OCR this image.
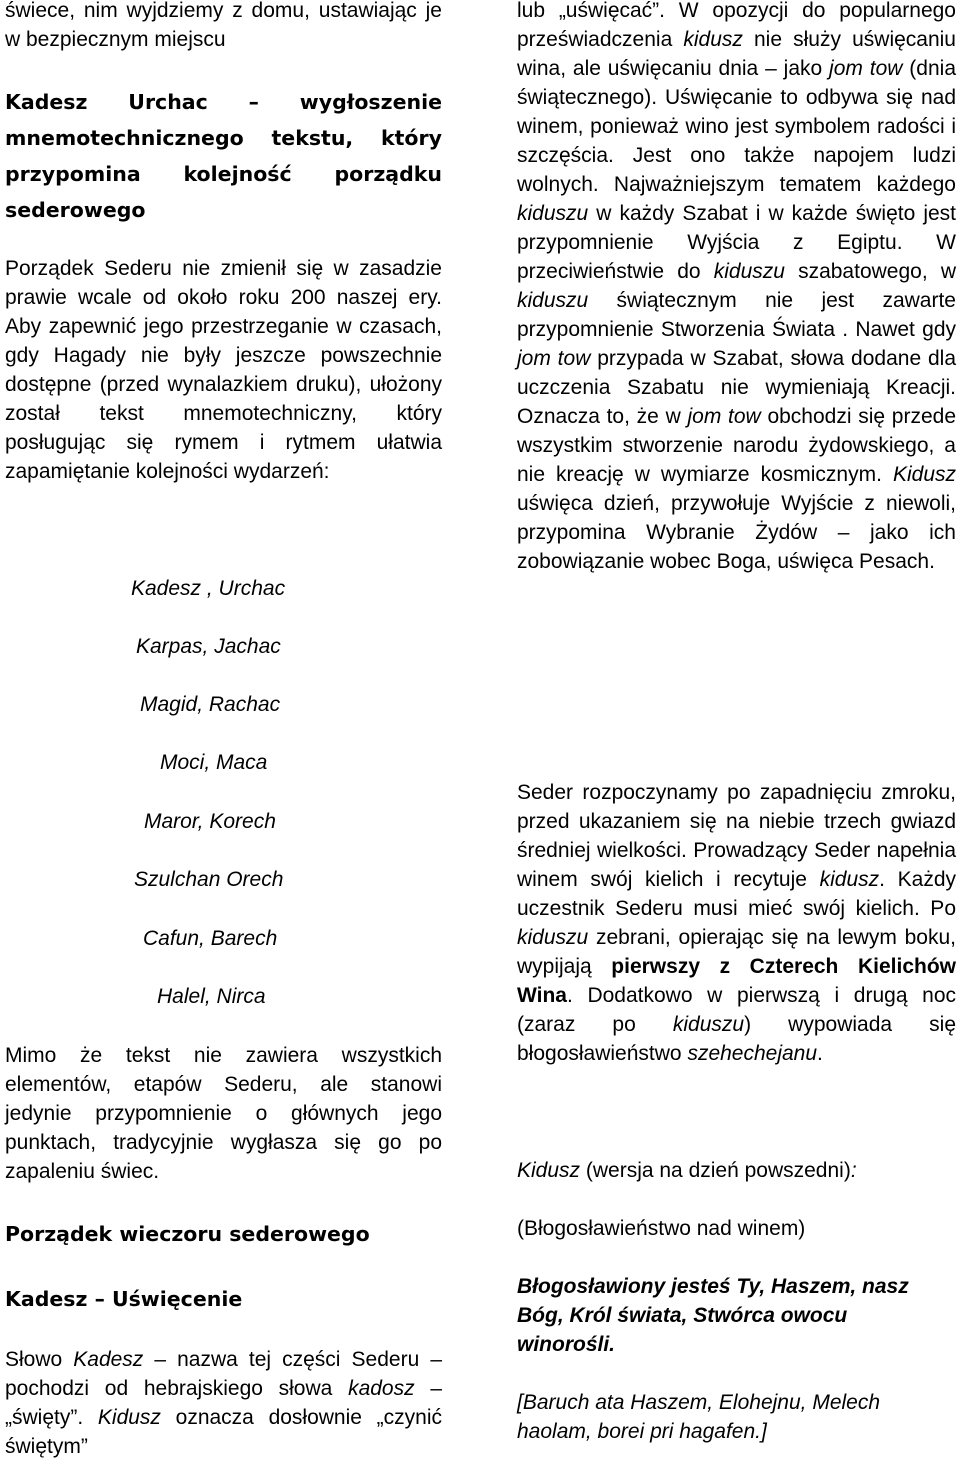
świece, nim wyjdziemy z domu, ustawiając je w bezpiecznym miejscu

Kadesz Urchac – wygłoszenie mnemotechnicznego tekstu, który przypomina kolejność porządku sederowego

Porządek Sederu nie zmienił się w zasadzie prawie wcale od około roku 200 naszej ery. Aby zapewnić jego przestrzeganie w czasach, gdy Hagady nie były jeszcze powszechnie dostępne (przed wynalazkiem druku), ułożony został tekst mnemotechniczny, który posługując się rymem i rytmem ułatwia zapamiętanie kolejności wydarzeń:

Kadesz , Urchac
Karpas, Jachac
Magid, Rachac
Moci, Maca
Maror, Korech
Szulchan Orech
Cafun, Barech
Halel, Nirca

Mimo że tekst nie zawiera wszystkich elementów, etapów Sederu, ale stanowi jedynie przypomnienie o głównych jego punktach, tradycyjnie wygłasza się go po zapaleniu świec.

Porządek wieczoru sederowego
Kadesz – Uświęcenie

Słowo Kadesz – nazwa tej części Sederu – pochodzi od hebrajskiego słowa kadosz – „święty”. Kidusz oznacza dosłownie „czynić świętym”

lub „uświęcać”. W opozycji do popularnego przeświadczenia kidusz nie służy uświęcaniu wina, ale uświęcaniu dnia – jako jom tow (dnia świątecznego). Uświęcanie to odbywa się nad winem, ponieważ wino jest symbolem radości i szczęścia. Jest ono także napojem ludzi wolnych. Najważniejszym tematem każdego kiduszu w każdy Szabat i w każde święto jest przypomnienie Wyjścia z Egiptu. W przeciwieństwie do kiduszu szabatowego, w kiduszu świątecznym nie jest zawarte przypomnienie Stworzenia Świata . Nawet gdy jom tow przypada w Szabat, słowa dodane dla uczczenia Szabatu nie wymieniają Kreacji. Oznacza to, że w jom tow obchodzi się przede wszystkim stworzenie narodu żydowskiego, a nie kreację w wymiarze kosmicznym. Kidusz uświęca dzień, przywołuje Wyjście z niewoli, przypomina Wybranie Żydów – jako ich zobowiązanie wobec Boga, uświęca Pesach.

Seder rozpoczynamy po zapadnięciu zmroku, przed ukazaniem się na niebie trzech gwiazd średniej wielkości. Prowadzący Seder napełnia winem swój kielich i recytuje kidusz. Każdy uczestnik Sederu musi mieć swój kielich. Po kiduszu zebrani, opierając się na lewym boku, wypijają pierwszy z Czterech Kielichów Wina. Dodatkowo w pierwszą i drugą noc (zaraz po kiduszu) wypowiada się błogosławieństwo szehechejanu.

Kidusz (wersja na dzień powszedni):

(Błogosławieństwo nad winem)

Błogosławiony jesteś Ty, Haszem, nasz Bóg, Król świata, Stwórca owocu winorośli.

[Baruch ata Haszem, Elohejnu, Melech haolam, borei pri hagafen.]
